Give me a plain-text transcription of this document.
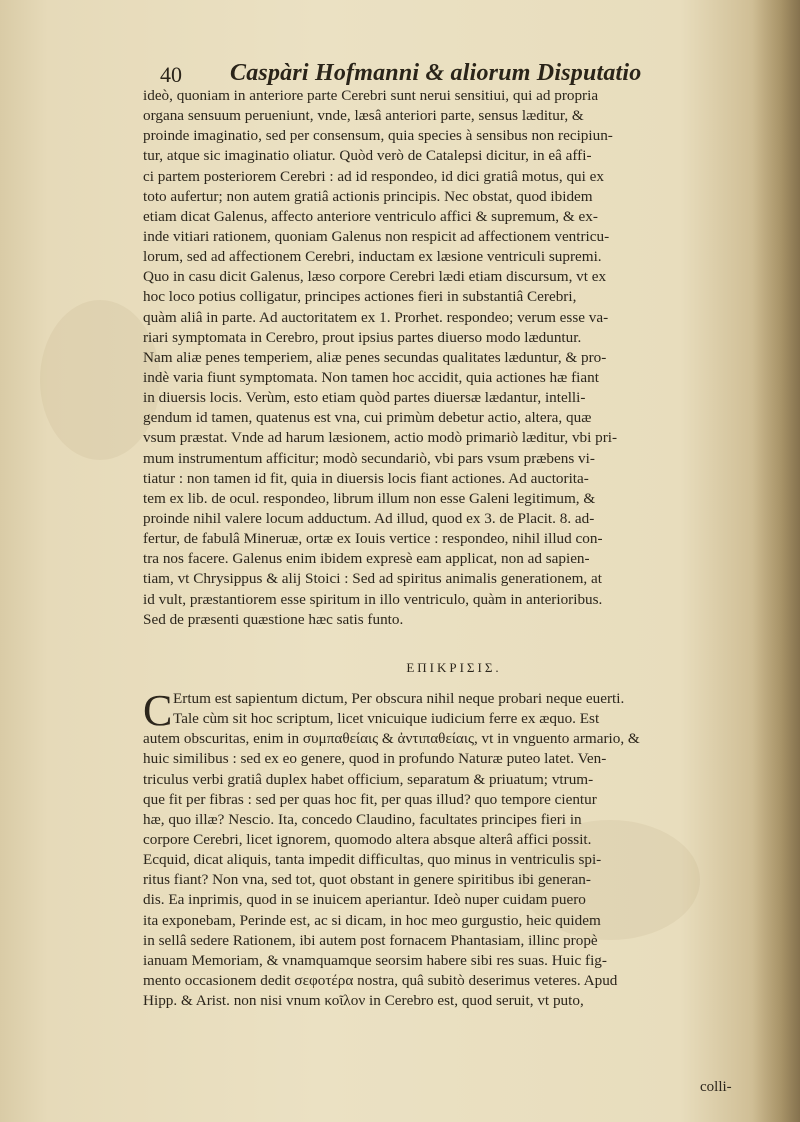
40 Caspàri Hofmanni & aliorum Disputatio
ideò, quoniam in anteriore parte Cerebri sunt nerui sensitiui, qui ad propria
organa sensuum perueniunt, vnde, læsâ anteriori parte, sensus læditur, &
proinde imaginatio, sed per consensum, quia species à sensibus non recipiun-
tur, atque sic imaginatio oliatur. Quòd verò de Catalepsi dicitur, in eâ affi-
ci partem posteriorem Cerebri : ad id respondeo, id dici gratiâ motus, qui ex
toto aufertur; non autem gratiâ actionis principis. Nec obstat, quod ibidem
etiam dicat Galenus, affecto anteriore ventriculo affici & supremum, & ex-
inde vitiari rationem, quoniam Galenus non respicit ad affectionem ventricu-
lorum, sed ad affectionem Cerebri, inductam ex læsione ventriculi supremi.
Quo in casu dicit Galenus, læso corpore Cerebri lædi etiam discursum, vt ex
hoc loco potius colligatur, principes actiones fieri in substantiâ Cerebri,
quàm aliâ in parte. Ad auctoritatem ex 1. Prorhet. respondeo; verum esse va-
riari symptomata in Cerebro, prout ipsius partes diuerso modo læduntur.
Nam aliæ penes temperiem, aliæ penes secundas qualitates læduntur, & pro-
indè varia fiunt symptomata. Non tamen hoc accidit, quia actiones hæ fiant
in diuersis locis. Verùm, esto etiam quòd partes diuersæ lædantur, intelli-
gendum id tamen, quatenus est vna, cui primùm debetur actio, altera, quæ
vsum præstat. Vnde ad harum læsionem, actio modò primariò læditur, vbi pri-
mum instrumentum afficitur; modò secundariò, vbi pars vsum præbens vi-
tiatur : non tamen id fit, quia in diuersis locis fiant actiones. Ad auctorita-
tem ex lib. de ocul. respondeo, librum illum non esse Galeni legitimum, &
proinde nihil valere locum adductum. Ad illud, quod ex 3. de Placit. 8. ad-
fertur, de fabulâ Mineruæ, ortæ ex Iouis vertice : respondeo, nihil illud con-
tra nos facere. Galenus enim ibidem expresè eam applicat, non ad sapien-
tiam, vt Chrysippus & alij Stoici : Sed ad spiritus animalis generationem, at
id vult, præstantiorem esse spiritum in illo ventriculo, quàm in anterioribus.
Sed de præsenti quæstione hæc satis funto.
ΕΠΙΚΡΙΣΙΣ.
C Ertum est sapientum dictum, Per obscura nihil neque probari neque euerti.
Tale cùm sit hoc scriptum, licet vnicuique iudicium ferre ex æquo. Est
autem obscuritas, enim in συμπαθείαις & ἀντιπαθείαις, vt in vnguento armario, &
huic similibus : sed ex eo genere, quod in profundo Naturæ puteo latet. Ven-
triculus verbi gratiâ duplex habet officium, separatum & priuatum; vtrum-
que fit per fibras : sed per quas hoc fit, per quas illud? quo tempore cientur
hæ, quo illæ? Nescio. Ita, concedo Claudino, facultates principes fieri in
corpore Cerebri, licet ignorem, quomodo altera absque alterâ affici possit.
Ecquid, dicat aliquis, tanta impedit difficultas, quo minus in ventriculis spi-
ritus fiant? Non vna, sed tot, quot obstant in genere spiritibus ibi generan-
dis. Ea inprimis, quod in se inuicem aperiantur. Ideò nuper cuidam puero
ita exponebam, Perinde est, ac si dicam, in hoc meo gurgustio, heic quidem
in sellâ sedere Rationem, ibi autem post fornacem Phantasiam, illinc propè
ianuam Memoriam, & vnamquamque seorsim habere sibi res suas. Huic fig-
mento occasionem dedit σεφοτέρα nostra, quâ subitò deserimus veteres. Apud
Hipp. & Arist. non nisi vnum κοῖλον in Cerebro est, quod seruit, vt puto,
colli-
